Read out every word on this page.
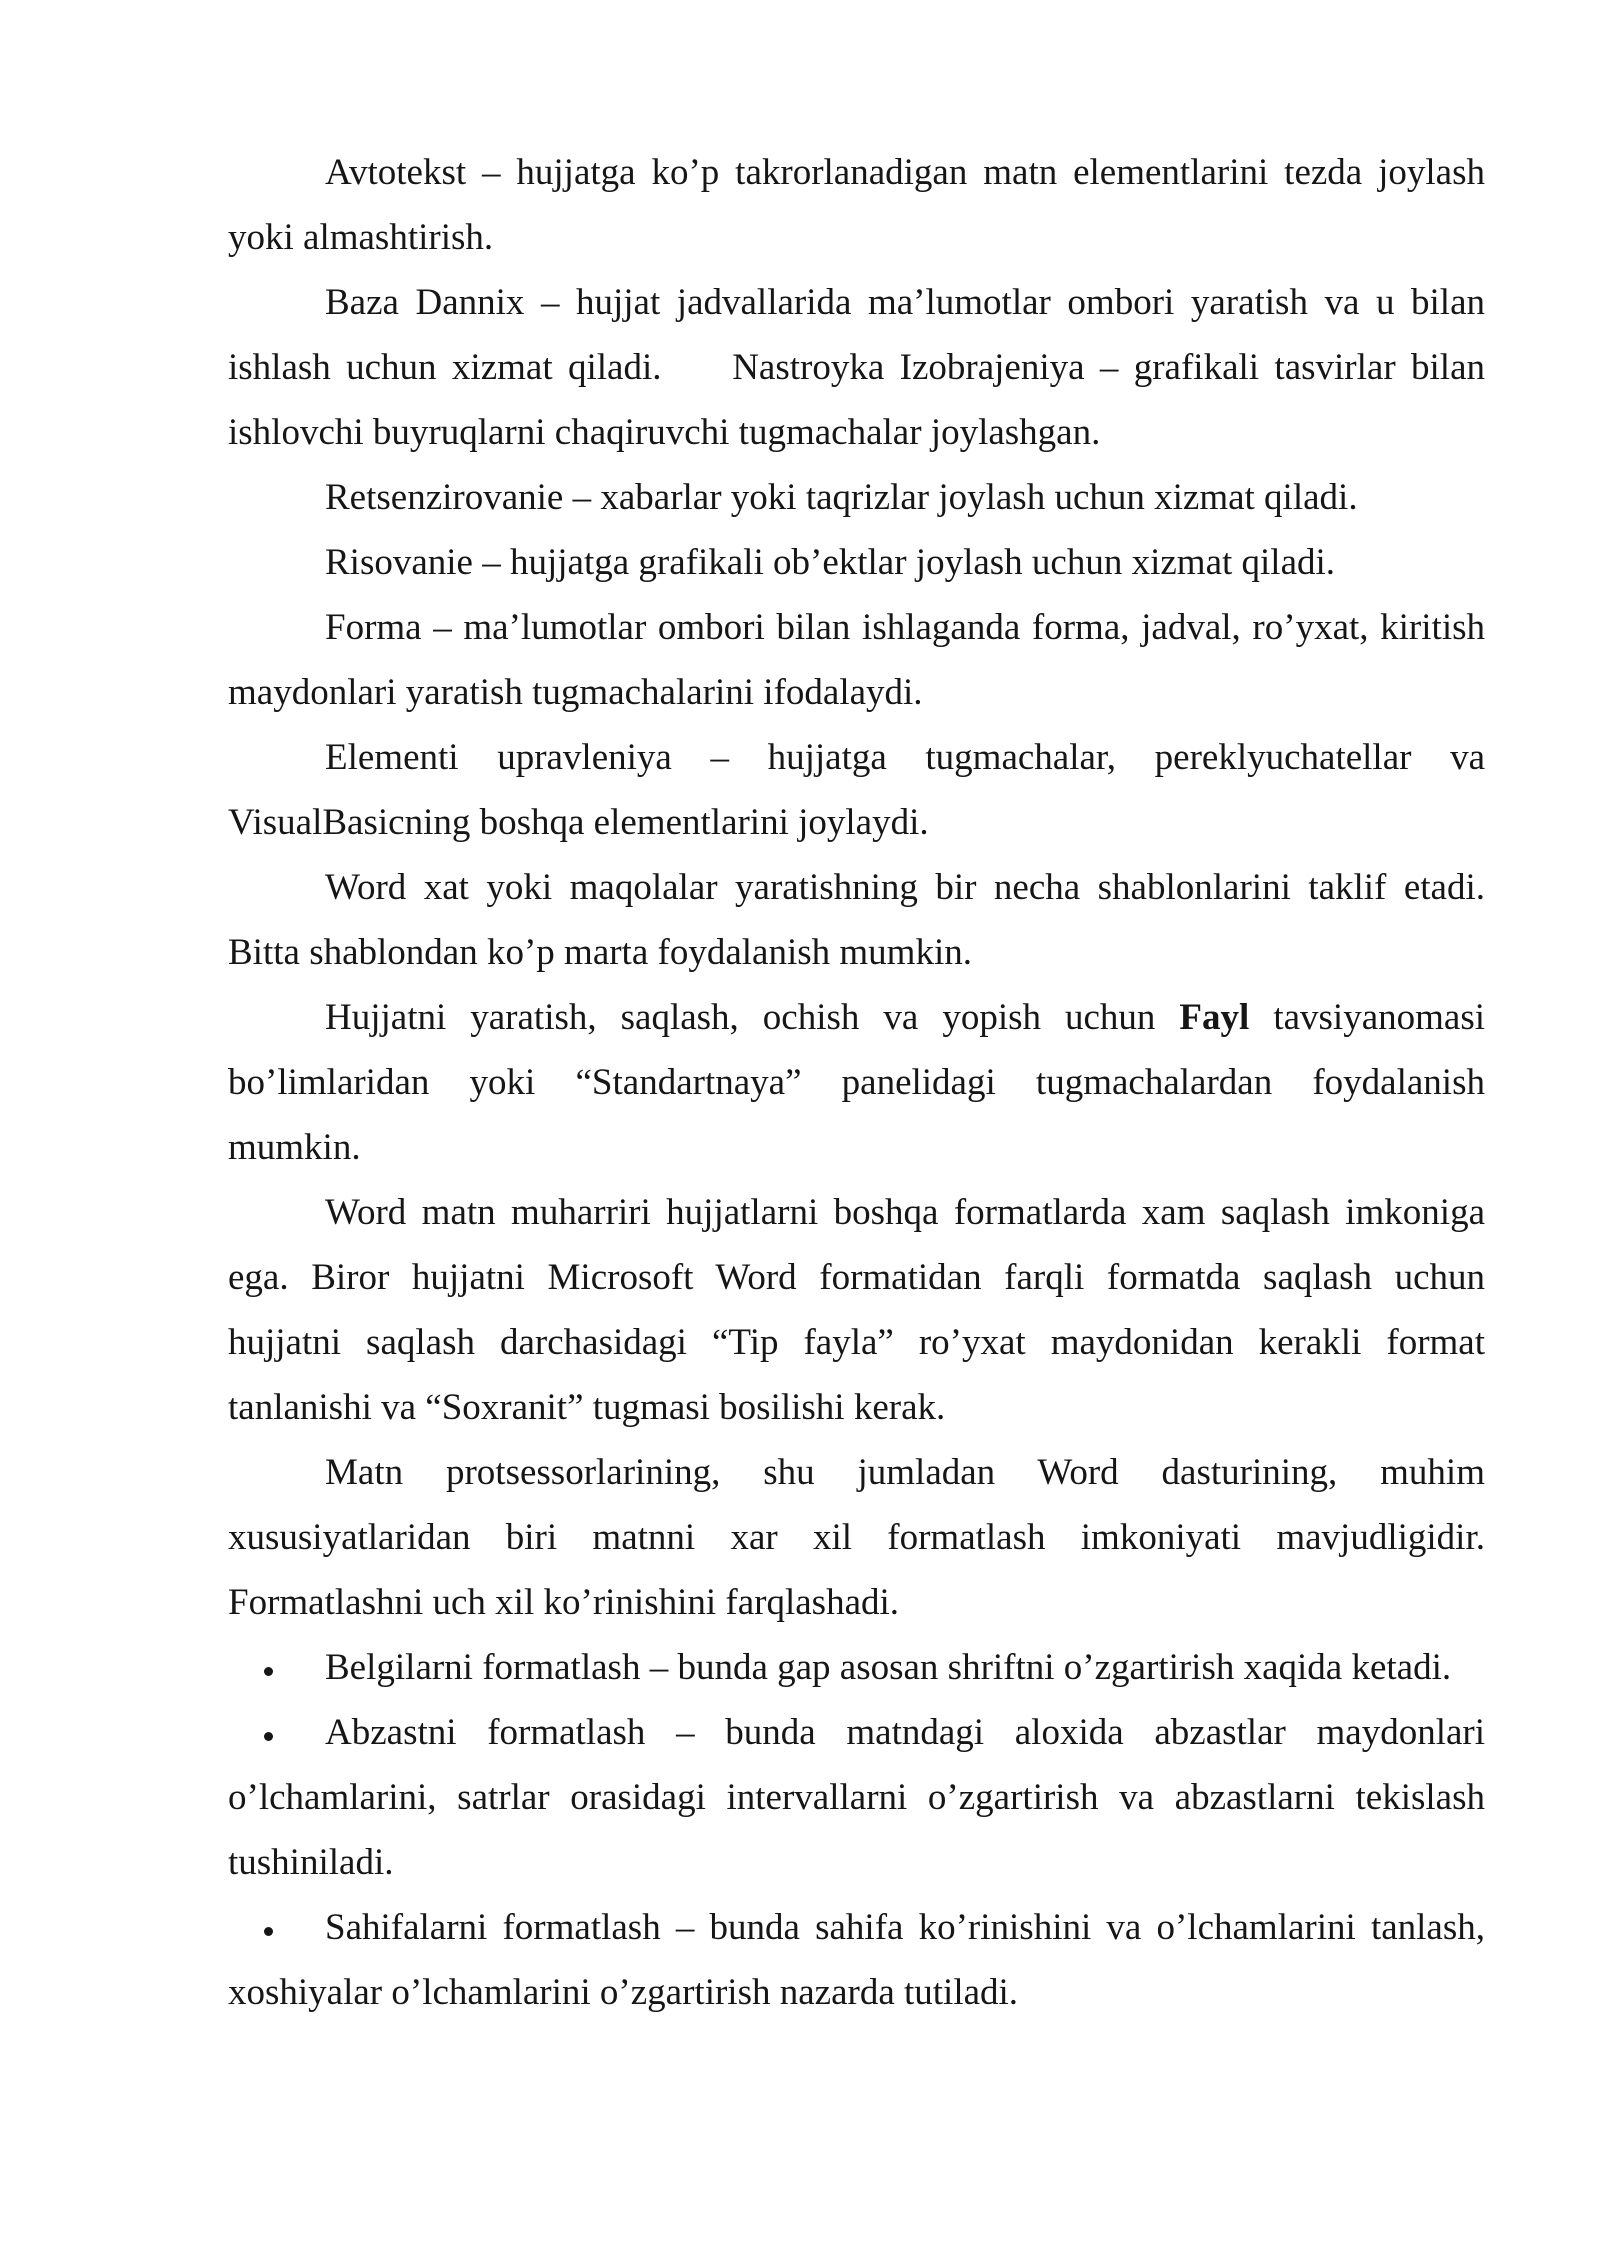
Avtotekst – hujjatga ko’p takrorlanadigan matn elementlarini tezda joylash
yoki almashtirish.
Baza Dannix – hujjat jadvallarida ma’lumotlar ombori yaratish va u bilan
ishlash uchun xizmat qiladi. Nastroyka Izobrajeniya – grafikali tasvirlar bilan
ishlovchi buyruqlarni chaqiruvchi tugmachalar joylashgan.
Retsenzirovanie – xabarlar yoki taqrizlar joylash uchun xizmat qiladi.
Risovanie – hujjatga grafikali ob’ektlar joylash uchun xizmat qiladi.
Forma – ma’lumotlar ombori bilan ishlaganda forma, jadval, ro’yxat, kiritish
maydonlari yaratish tugmachalarini ifodalaydi.
Elementi upravleniya – hujjatga tugmachalar, pereklyuchatellar va
VisualBasicning boshqa elementlarini joylaydi.
Word xat yoki maqolalar yaratishning bir necha shablonlarini taklif etadi.
Bitta shablondan ko’p marta foydalanish mumkin.
Hujjatni yaratish, saqlash, ochish va yopish uchun Fayl tavsiyanomasi
bo’limlaridan yoki “Standartnaya” panelidagi tugmachalardan foydalanish
mumkin.
Word matn muharriri hujjatlarni boshqa formatlarda xam saqlash imkoniga
ega. Biror hujjatni Microsoft Word formatidan farqli formatda saqlash uchun
hujjatni saqlash darchasidagi “Tip fayla” ro’yxat maydonidan kerakli format
tanlanishi va “Soxranit” tugmasi bosilishi kerak.
Matn protsessorlarining, shu jumladan Word dasturining, muhim
xususiyatlaridan biri matnni xar xil formatlash imkoniyati mavjudligidir.
Formatlashni uch xil ko’rinishini farqlashadi.
Belgilarni formatlash – bunda gap asosan shriftni o’zgartirish xaqida ketadi.
Abzastni formatlash – bunda matndagi aloxida abzastlar maydonlari
o’lchamlarini, satrlar orasidagi intervallarni o’zgartirish va abzastlarni tekislash
tushiniladi.
Sahifalarni formatlash – bunda sahifa ko’rinishini va o’lchamlarini tanlash,
xoshiyalar o’lchamlarini o’zgartirish nazarda tutiladi.
